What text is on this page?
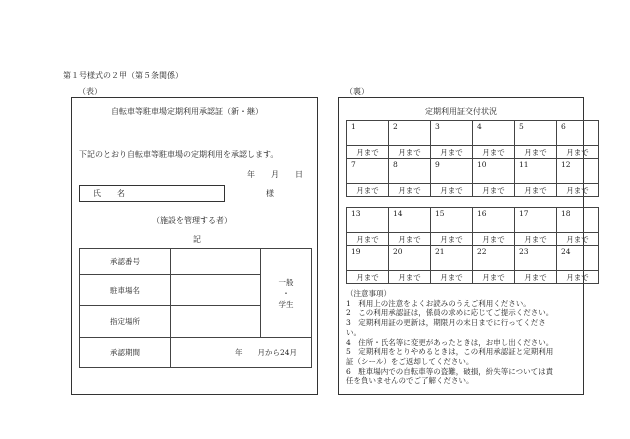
第１号様式の２甲（第５条関係）
（表）
自転車等駐車場定期利用承認証（新・継）
下記のとおり自転車等駐車場の定期利用を承認します。
年　　月　　日
氏　　名	様
（施設を管理する者）
記
承認番号		一般
・
学生

駐車場名		
指定場所		
承認期間	年　　月から24月	
（裏）
定期利用証交付状況
1	2	3	4	5	6
月まで	月まで	月まで	月まで	月まで	月まで
7	8	9	10	11	12
月まで	月まで	月まで	月まで	月まで	月まで
13	14	15	16	17	18
月まで	月まで	月まで	月まで	月まで	月まで
19	20	21	22	23	24
月まで	月まで	月まで	月まで	月まで	月まで
（注意事項）
1　利用上の注意をよくお読みのうえご利用ください。
2　この利用承認証は，係員の求めに応じてご提示ください。
3　定期利用証の更新は，期限月の末日までに行ってくださ
い。
4　住所・氏名等に変更があったときは，お申し出ください。
5　定期利用をとりやめるときは，この利用承認証と定期利用
証（シール）をご返却してください。
6　駐車場内での自転車等の盗難，破損，紛失等については責
任を負いませんのでご了解ください。
